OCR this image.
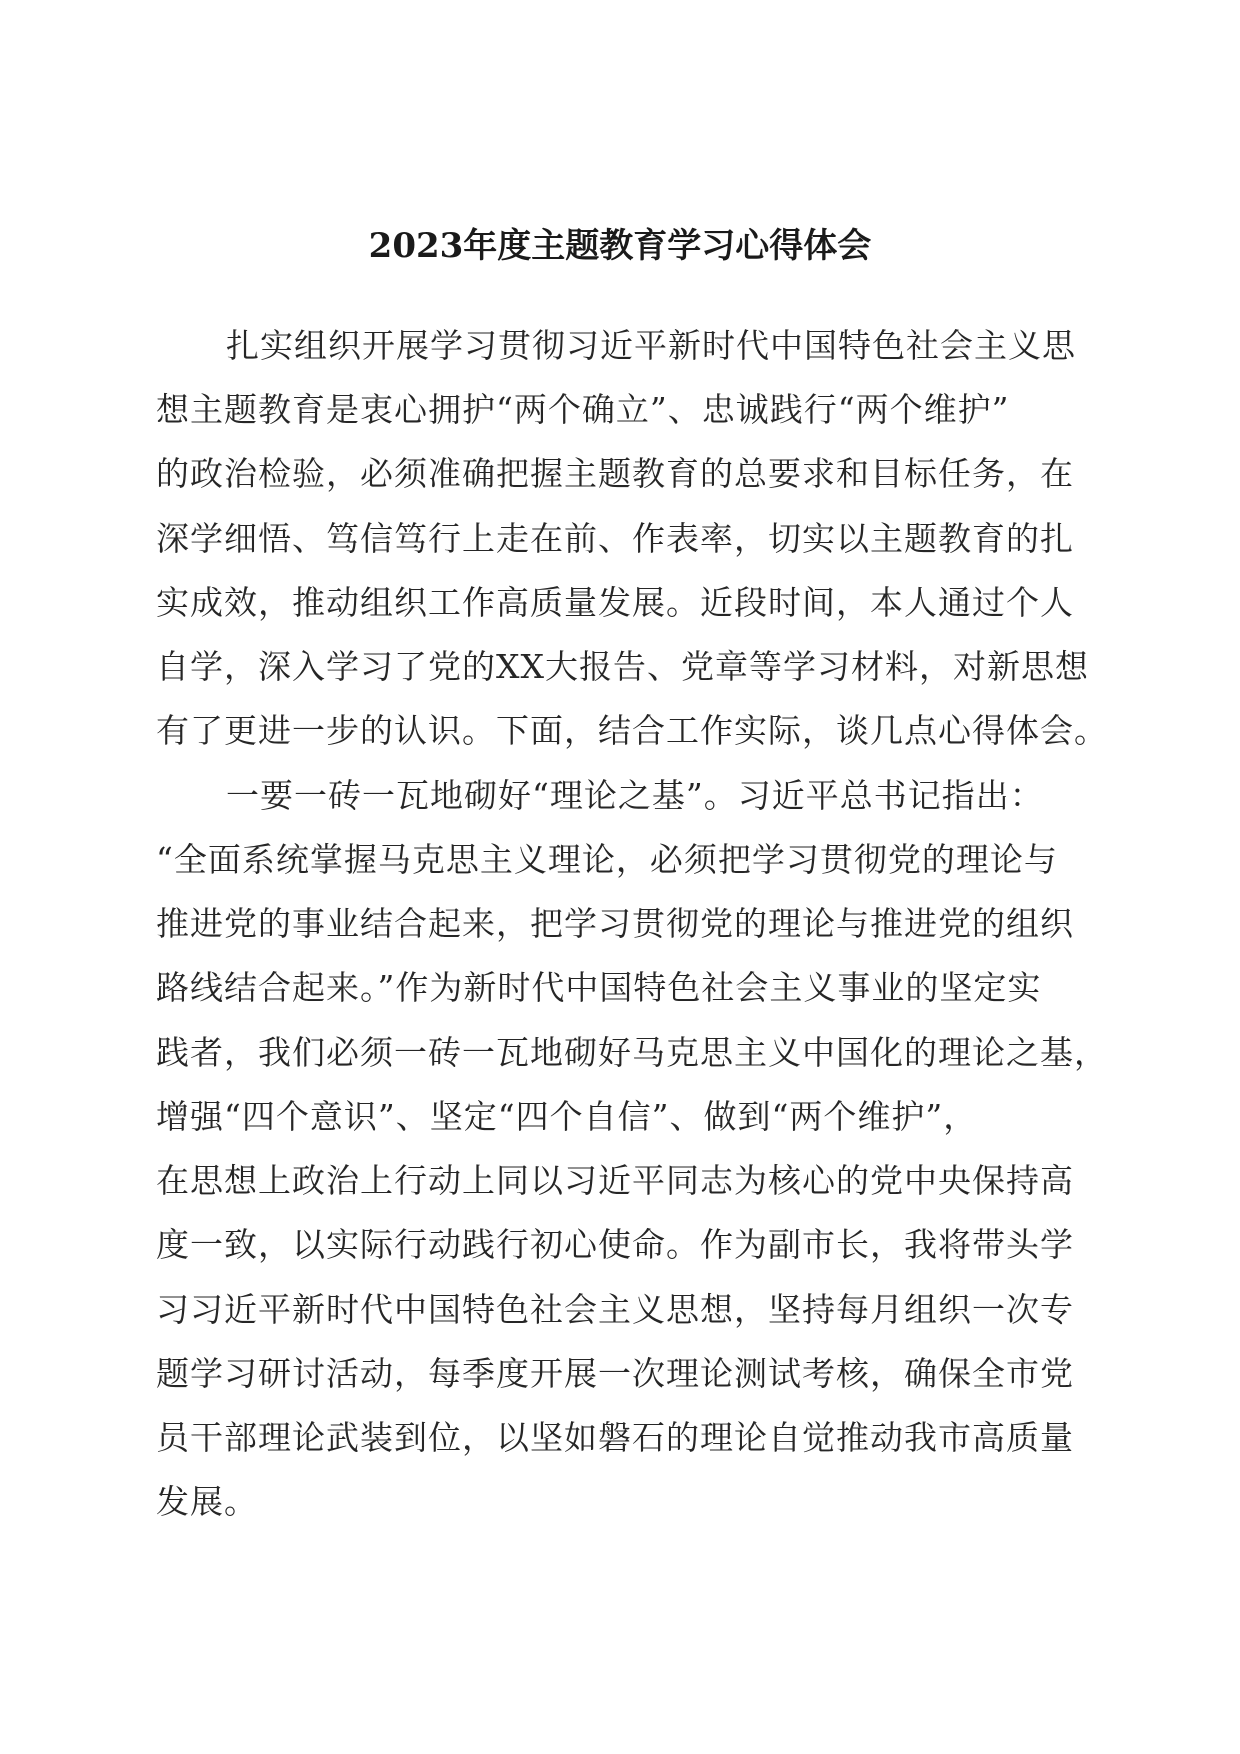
2023年度主题教育学习心得体会
扎实组织开展学习贯彻习近平新时代中国特色社会主义思
想主题教育是衷心拥护“两个确立”、忠诚践行“两个维护”
的政治检验，必须准确把握主题教育的总要求和目标任务，在
深学细悟、笃信笃行上走在前、作表率，切实以主题教育的扎
实成效，推动组织工作高质量发展。近段时间，本人通过个人
自学，深入学习了党的XX大报告、党章等学习材料，对新思想
有了更进一步的认识。下面，结合工作实际，谈几点心得体会。
一要一砖一瓦地砌好“理论之基”。习近平总书记指出：
“全面系统掌握马克思主义理论，必须把学习贯彻党的理论与
推进党的事业结合起来，把学习贯彻党的理论与推进党的组织
路线结合起来。”作为新时代中国特色社会主义事业的坚定实
践者，我们必须一砖一瓦地砌好马克思主义中国化的理论之基，
增强“四个意识”、坚定“四个自信”、做到“两个维护”，
在思想上政治上行动上同以习近平同志为核心的党中央保持高
度一致，以实际行动践行初心使命。作为副市长，我将带头学
习习近平新时代中国特色社会主义思想，坚持每月组织一次专
题学习研讨活动，每季度开展一次理论测试考核，确保全市党
员干部理论武装到位，以坚如磐石的理论自觉推动我市高质量
发展。
